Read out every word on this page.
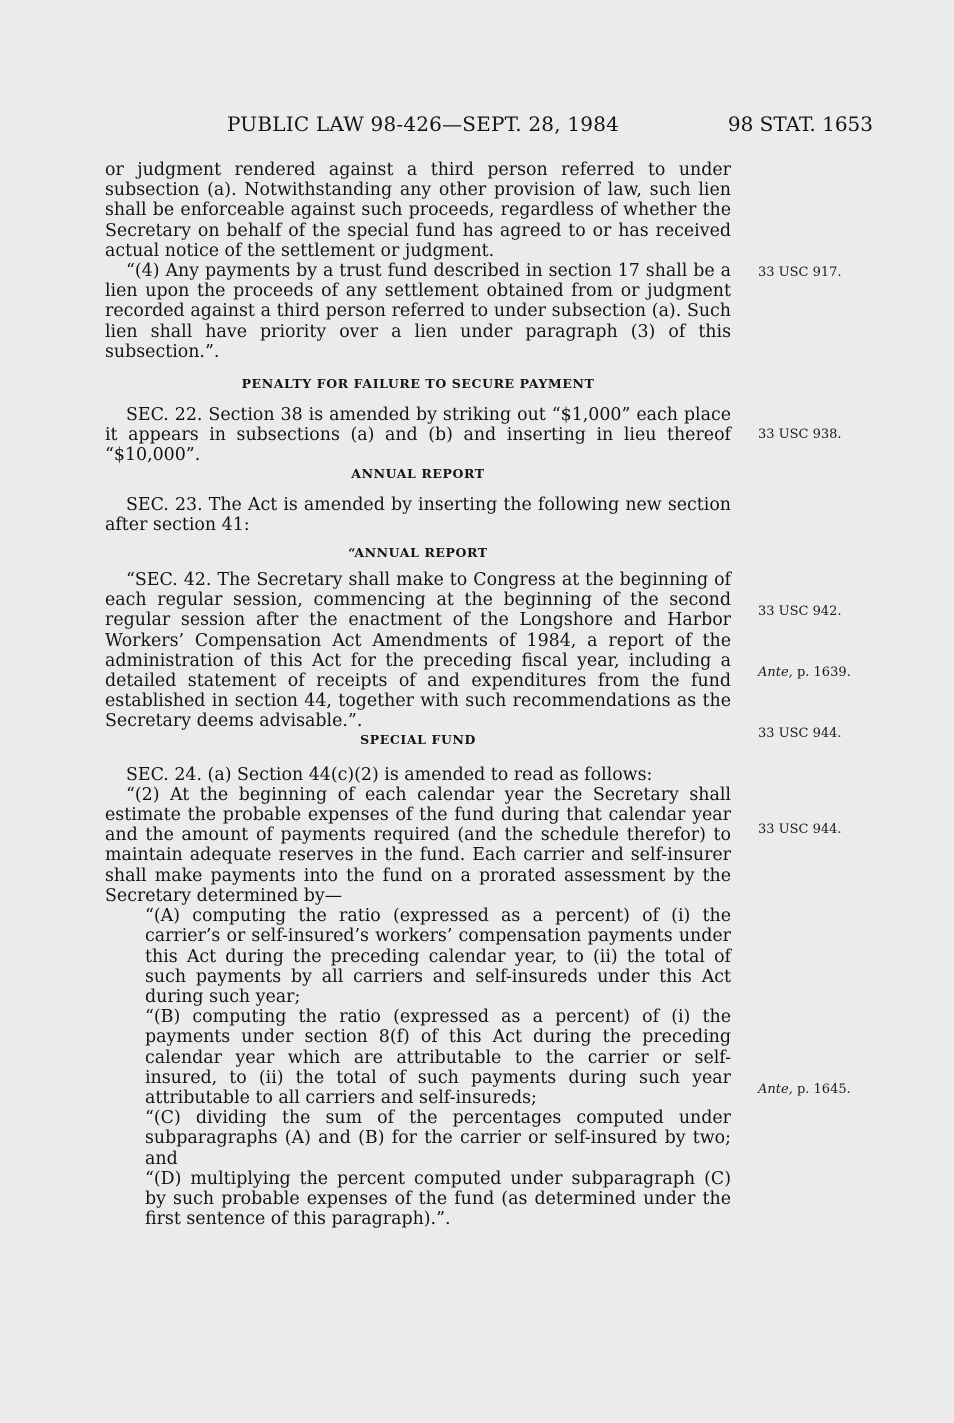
PUBLIC LAW 98-426—SEPT. 28, 1984	98 STAT. 1653

or judgment rendered against a third person referred to under subsection (a). Notwithstanding any other provision of law, such lien shall be enforceable against such proceeds, regardless of whether the Secretary on behalf of the special fund has agreed to or has received actual notice of the settlement or judgment.

“(4) Any payments by a trust fund described in section 17 shall be a lien upon the proceeds of any settlement obtained from or judgment recorded against a third person referred to under subsection (a). Such lien shall have priority over a lien under paragraph (3) of this subsection.”.

PENALTY FOR FAILURE TO SECURE PAYMENT

SEC. 22. Section 38 is amended by striking out “$1,000” each place it appears in subsections (a) and (b) and inserting in lieu thereof “$10,000”.

ANNUAL REPORT

SEC. 23. The Act is amended by inserting the following new section after section 41:

“ANNUAL REPORT

“SEC. 42. The Secretary shall make to Congress at the beginning of each regular session, commencing at the beginning of the second regular session after the enactment of the Longshore and Harbor Workers’ Compensation Act Amendments of 1984, a report of the administration of this Act for the preceding fiscal year, including a detailed statement of receipts of and expenditures from the fund established in section 44, together with such recommendations as the Secretary deems advisable.”.

SPECIAL FUND

SEC. 24. (a) Section 44(c)(2) is amended to read as follows:

“(2) At the beginning of each calendar year the Secretary shall estimate the probable expenses of the fund during that calendar year and the amount of payments required (and the schedule therefor) to maintain adequate reserves in the fund. Each carrier and self-insurer shall make payments into the fund on a prorated assessment by the Secretary determined by—

“(A) computing the ratio (expressed as a percent) of (i) the carrier’s or self-insured’s workers’ compensation payments under this Act during the preceding calendar year, to (ii) the total of such payments by all carriers and self-insureds under this Act during such year;

“(B) computing the ratio (expressed as a percent) of (i) the payments under section 8(f) of this Act during the preceding calendar year which are attributable to the carrier or self-insured, to (ii) the total of such payments during such year attributable to all carriers and self-insureds;

“(C) dividing the sum of the percentages computed under subparagraphs (A) and (B) for the carrier or self-insured by two; and

“(D) multiplying the percent computed under subparagraph (C) by such probable expenses of the fund (as determined under the first sentence of this paragraph).”.

33 USC 917.
33 USC 938.
33 USC 942.
Ante, p. 1639.
33 USC 944.
33 USC 944.
Ante, p. 1645.
